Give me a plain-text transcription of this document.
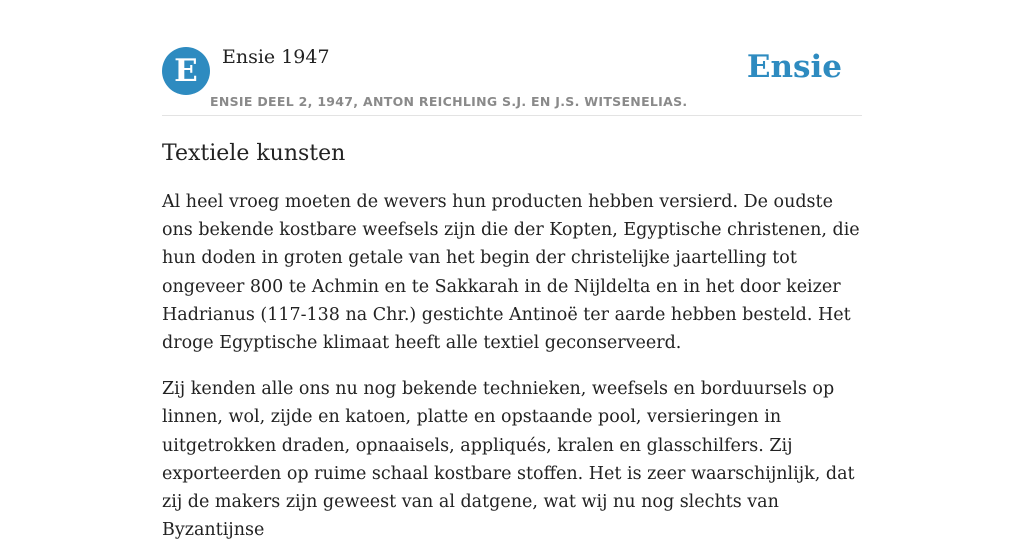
E	Ensie 1947
ENSIE DEEL 2, 1947, ANTON REICHLING S.J. EN J.S. WITSENELIAS.
Ensie
Textiele kunsten

Al heel vroeg moeten de wevers hun producten hebben versierd. De oudste ons bekende kostbare weefsels zijn die der Kopten, Egyptische christenen, die hun doden in groten getale van het begin der christelijke jaartelling tot ongeveer 800 te Achmin en te Sakkarah in de Nijldelta en in het door keizer Hadrianus (117-138 na Chr.) gestichte Antinoë ter aarde hebben besteld. Het droge Egyptische klimaat heeft alle textiel geconserveerd.

Zij kenden alle ons nu nog bekende technieken, weefsels en borduursels op linnen, wol, zijde en katoen, platte en opstaande pool, versieringen in uitgetrokken draden, opnaaisels, appliqués, kralen en glasschilfers. Zij exporteerden op ruime schaal kostbare stoffen. Het is zeer waarschijnlijk, dat zij de makers zijn geweest van al datgene, wat wij nu nog slechts van Byzantijnse
